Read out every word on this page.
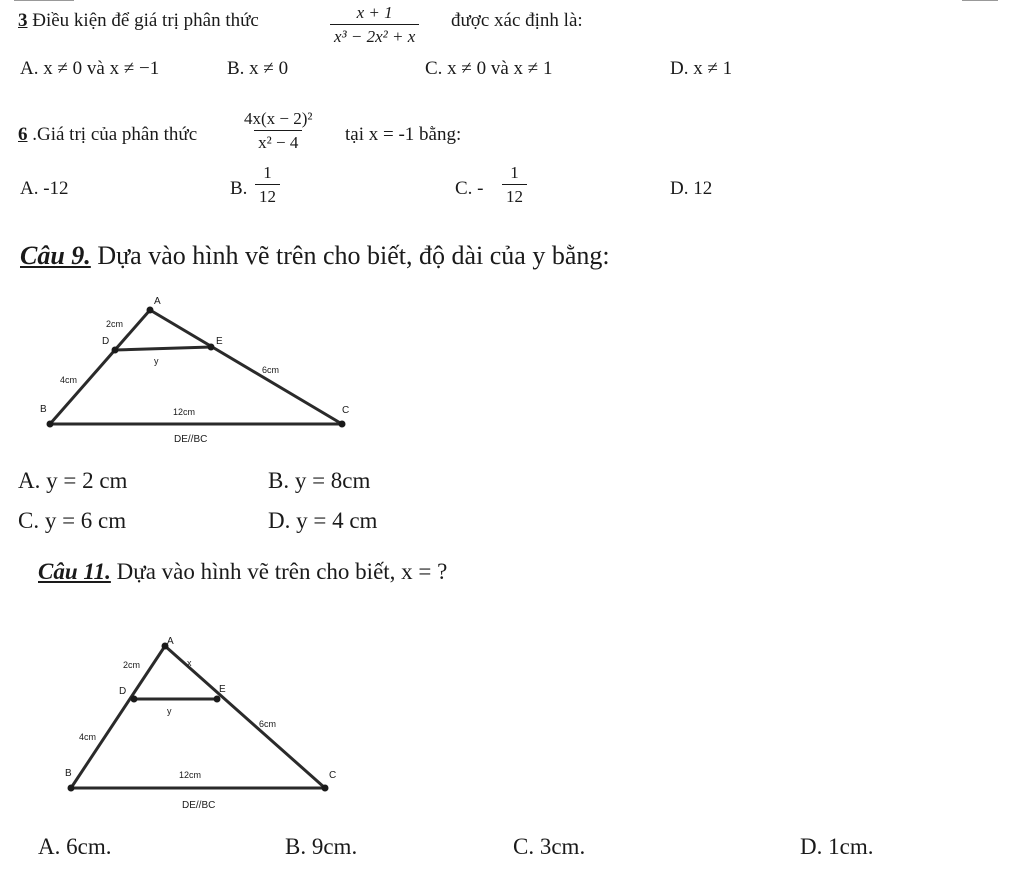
3 Điều kiện để giá trị phân thức	$\frac{x + 1}{\text{x³ − 2x² + x}}$ được xác định là:
A. x ≠ 0 và x ≠ −1	B. x ≠ 0	C. x ≠ 0 và x ≠ 1	D. x ≠ 1
6 .Giá trị của phân thức	$\frac{\text{4x(x − 2)²}}{\text{x² − 4}}$ tại x = -1 bằng:
A. -12	B. $\frac{1}{12}$	C. - $\frac{1}{12}$	D. 12
Câu 9. Dựa vào hình vẽ trên cho biết, độ dài của y bằng:
A
D	E
B	C
2cm
4cm
6cm
y
12cm
DE//BC
A. y = 2 cm	B. y = 8cm
C. y = 6 cm	D. y = 4 cm
Câu 11. Dựa vào hình vẽ trên cho biết, x = ?
A
D	E
B	C
2cm	x
4cm
6cm
y
12cm
DE//BC
A. 6cm.	B. 9cm.	C. 3cm.	D. 1cm.
